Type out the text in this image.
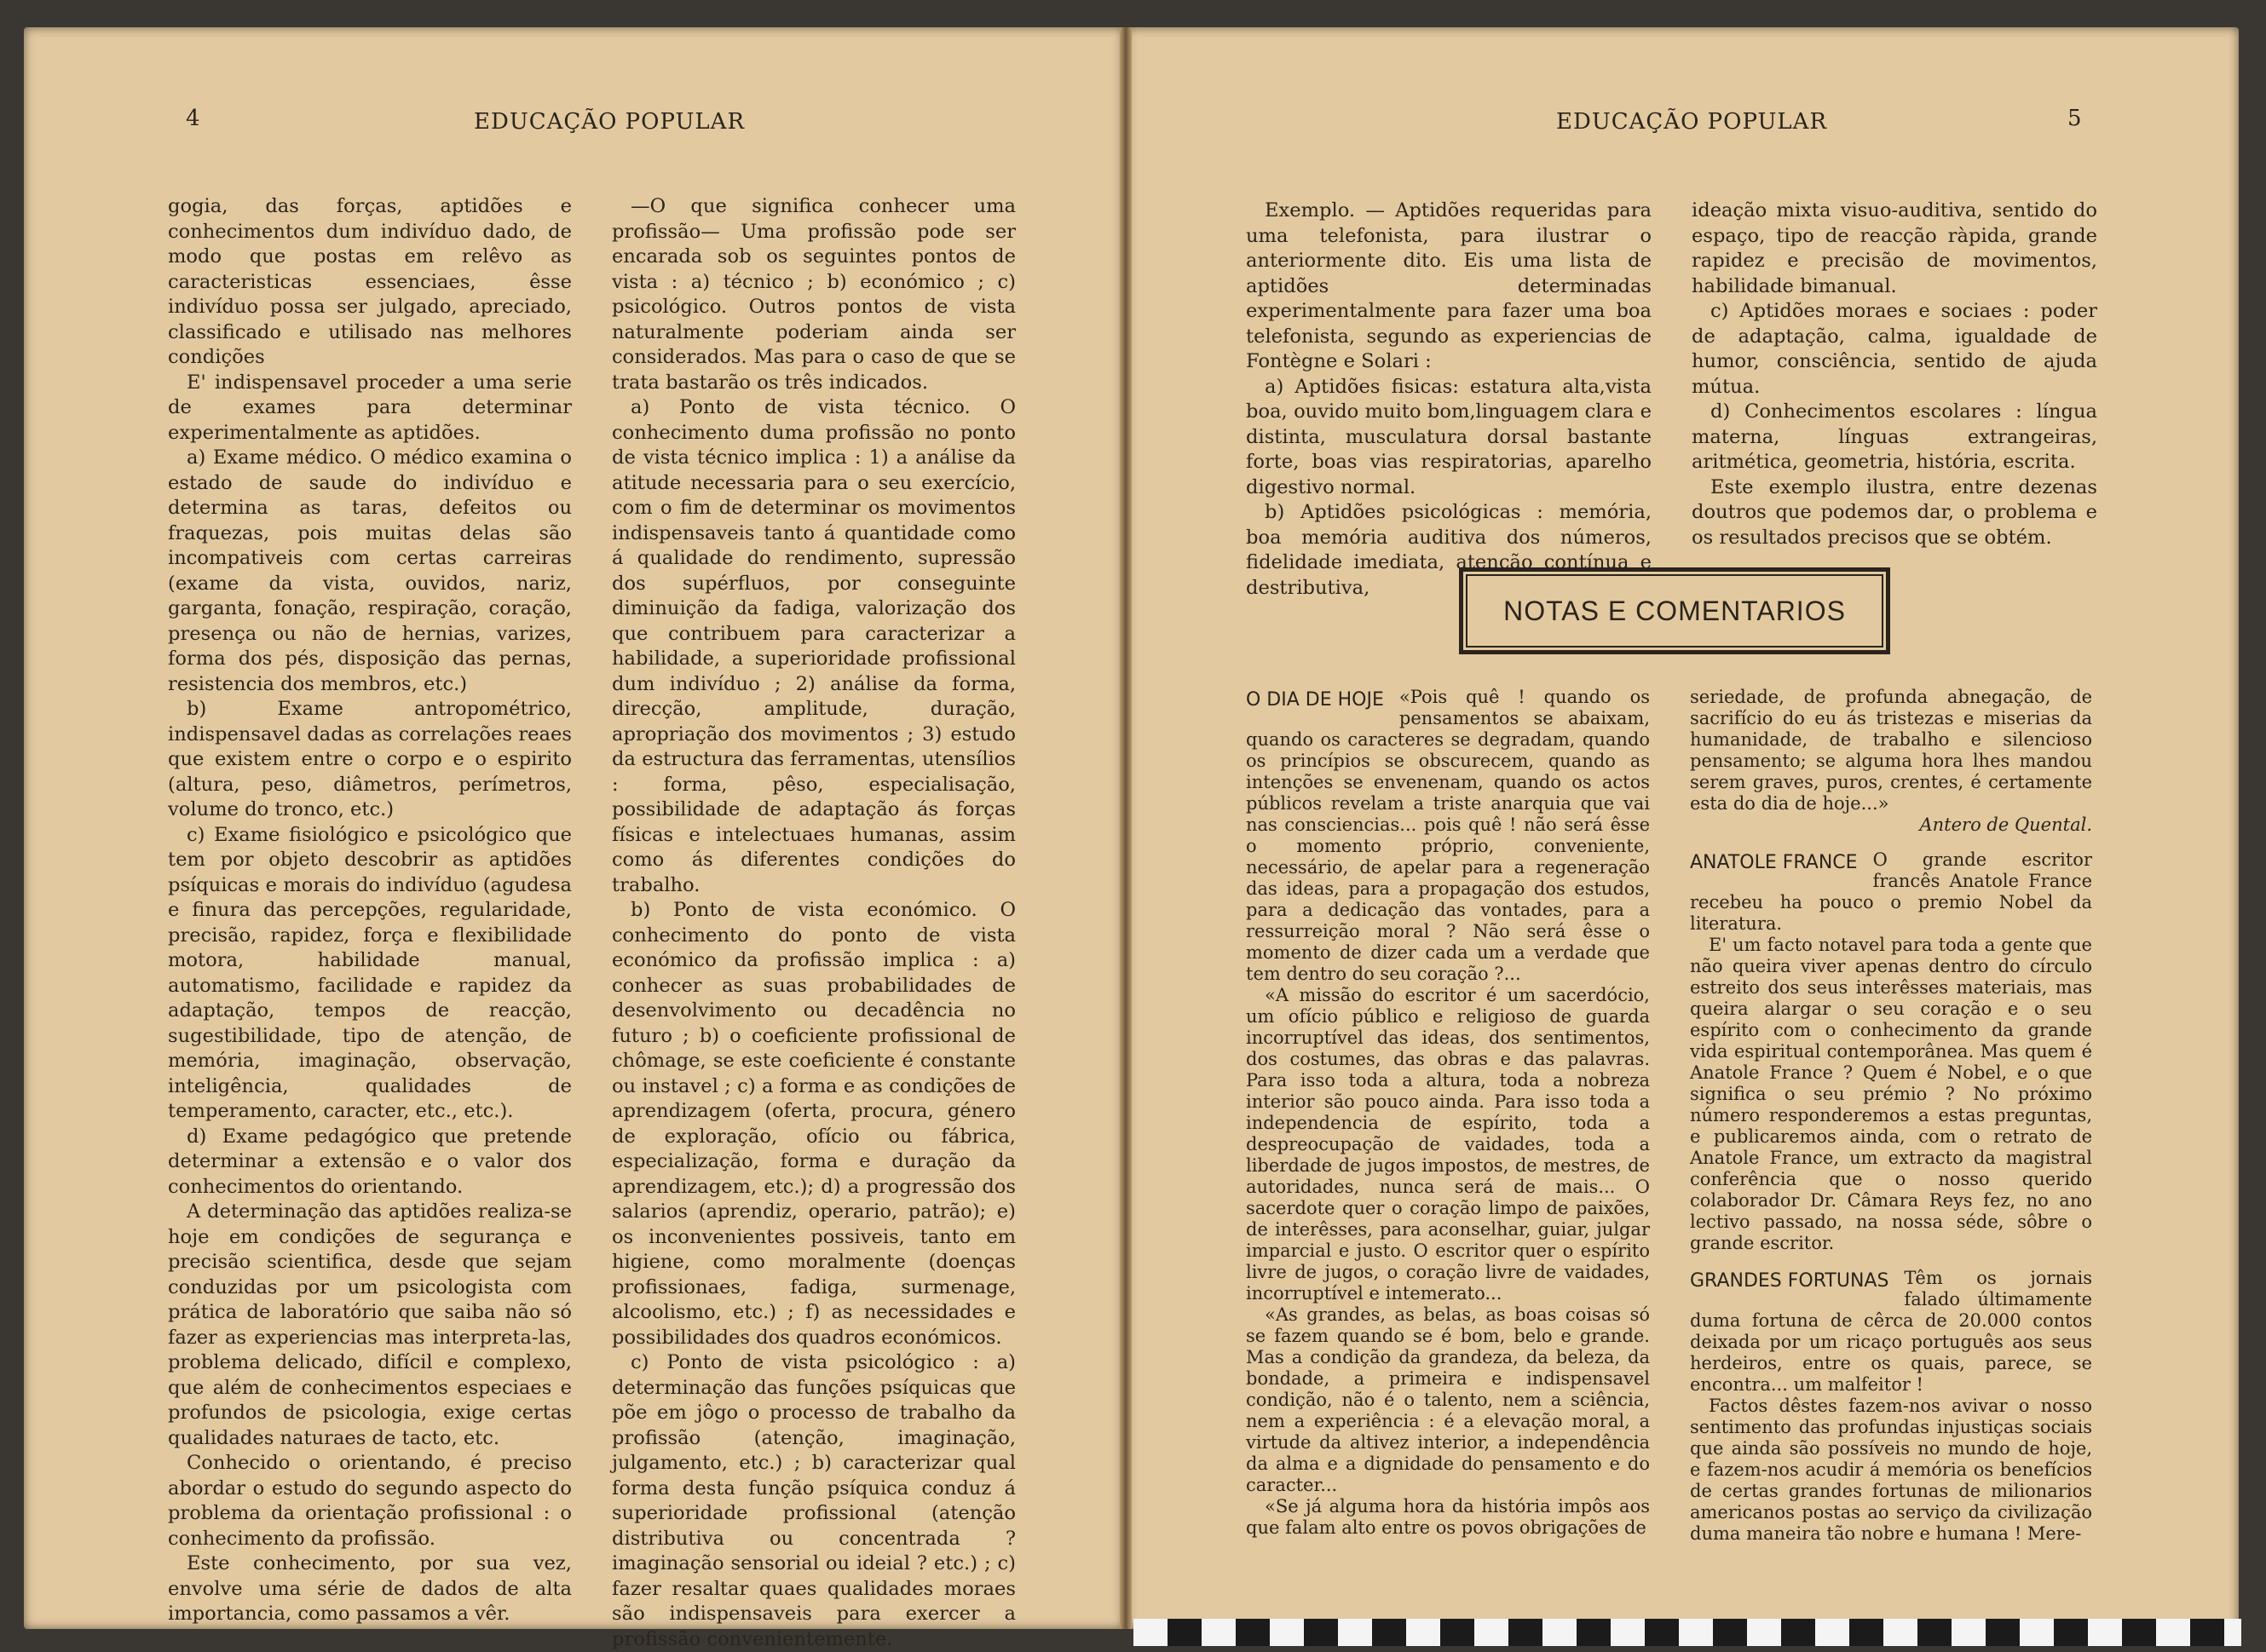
4	EDUCAÇÃO POPULAR

gogia, das forças, aptidões e conhecimentos dum indivíduo dado, de modo que postas em relêvo as caracteristicas essenciaes, êsse indivíduo possa ser julgado, apreciado, classificado e utilisado nas melhores condições

E' indispensavel proceder a uma serie de exames para determinar experimentalmente as aptidões.

a) Exame médico. O médico examina o estado de saude do indivíduo e determina as taras, defeitos ou fraquezas, pois muitas delas são incompativeis com certas carreiras (exame da vista, ouvidos, nariz, garganta, fonação, respiração, coração, presença ou não de hernias, varizes, forma dos pés, disposição das pernas, resistencia dos membros, etc.)

b) Exame antropométrico, indispensavel dadas as correlações reaes que existem entre o corpo e o espirito (altura, peso, diâmetros, perímetros, volume do tronco, etc.)

c) Exame fisiológico e psicológico que tem por objeto descobrir as aptidões psíquicas e morais do indivíduo (agudesa e finura das percepções, regularidade, precisão, rapidez, força e flexibilidade motora, habilidade manual, automatismo, facilidade e rapidez da adaptação, tempos de reacção, sugestibilidade, tipo de atenção, de memória, imaginação, observação, inteligência, qualidades de temperamento, caracter, etc., etc.).

d) Exame pedagógico que pretende determinar a extensão e o valor dos conhecimentos do orientando.

A determinação das aptidões realiza-se hoje em condições de segurança e precisão scientifica, desde que sejam conduzidas por um psicologista com prática de laboratório que saiba não só fazer as experiencias mas interpreta-las, problema delicado, difícil e complexo, que além de conhecimentos especiaes e profundos de psicologia, exige certas qualidades naturaes de tacto, etc.

Conhecido o orientando, é preciso abordar o estudo do segundo aspecto do problema da orientação profissional : o conhecimento da profissão.

Este conhecimento, por sua vez, envolve uma série de dados de alta importancia, como passamos a vêr.

—O que significa conhecer uma profissão— Uma profissão pode ser encarada sob os seguintes pontos de vista : a) técnico ; b) económico ; c) psicológico. Outros pontos de vista naturalmente poderiam ainda ser considerados. Mas para o caso de que se trata bastarão os três indicados.

a) Ponto de vista técnico. O conhecimento duma profissão no ponto de vista técnico implica : 1) a análise da atitude necessaria para o seu exercício, com o fim de determinar os movimentos indispensaveis tanto á quantidade como á qualidade do rendimento, supressão dos supérfluos, por conseguinte diminuição da fadiga, valorização dos que contribuem para caracterizar a habilidade, a superioridade profissional dum indivíduo ; 2) análise da forma, direcção, amplitude, duração, apropriação dos movimentos ; 3) estudo da estructura das ferramentas, utensílios : forma, pêso, especialisação, possibilidade de adaptação ás forças físicas e intelectuaes humanas, assim como ás diferentes condições do trabalho.

b) Ponto de vista económico. O conhecimento do ponto de vista económico da profissão implica : a) conhecer as suas probabilidades de desenvolvimento ou decadência no futuro ; b) o coeficiente profissional de chômage, se este coeficiente é constante ou instavel ; c) a forma e as condições de aprendizagem (oferta, procura, género de exploração, ofício ou fábrica, especialização, forma e duração da aprendizagem, etc.); d) a progressão dos salarios (aprendiz, operario, patrão); e) os inconvenientes possiveis, tanto em higiene, como moralmente (doenças profissionaes, fadiga, surmenage, alcoolismo, etc.) ; f) as necessidades e possibilidades dos quadros económicos.

c) Ponto de vista psicológico : a) determinação das funções psíquicas que põe em jôgo o processo de trabalho da profissão (atenção, imaginação, julgamento, etc.) ; b) caracterizar qual forma desta função psíquica conduz á superioridade profissional (atenção distributiva ou concentrada ? imaginação sensorial ou ideial ? etc.) ; c) fazer resaltar quaes qualidades moraes são indispensaveis para exercer a profissão convenientemente.

EDUCAÇÃO POPULAR	5

Exemplo. — Aptidões requeridas para uma telefonista, para ilustrar o anteriormente dito. Eis uma lista de aptidões determinadas experimentalmente para fazer uma boa telefonista, segundo as experiencias de Fontègne e Solari :

a) Aptidões fisicas: estatura alta,vista boa, ouvido muito bom,linguagem clara e distinta, musculatura dorsal bastante forte, boas vias respiratorias, aparelho digestivo normal.

b) Aptidões psicológicas : memória, boa memória auditiva dos números, fidelidade imediata, atenção contínua e destributiva,

ideação mixta visuo-auditiva, sentido do espaço, tipo de reacção ràpida, grande rapidez e precisão de movimentos, habilidade bimanual.

c) Aptidões moraes e sociaes : poder de adaptação, calma, igualdade de humor, consciência, sentido de ajuda mútua.

d) Conhecimentos escolares : língua materna, línguas extrangeiras, aritmética, geometria, história, escrita.

Este exemplo ilustra, entre dezenas doutros que podemos dar, o problema e os resultados precisos que se obtém.

NOTAS E COMENTARIOS
O DIA DE HOJE «Pois quê ! quando os pensamentos se abaixam, quando os caracteres se degradam, quando os princípios se obscurecem, quando as intenções se envenenam, quando os actos públicos revelam a triste anarquia que vai nas consciencias... pois quê ! não será êsse o momento próprio, conveniente, necessário, de apelar para a regeneração das ideas, para a propagação dos estudos, para a dedicação das vontades, para a ressurreição moral ? Não será êsse o momento de dizer cada um a verdade que tem dentro do seu coração ?...

«A missão do escritor é um sacerdócio, um ofício público e religioso de guarda incorruptível das ideas, dos sentimentos, dos costumes, das obras e das palavras. Para isso toda a altura, toda a nobreza interior são pouco ainda. Para isso toda a independencia de espírito, toda a despreocupação de vaidades, toda a liberdade de jugos impostos, de mestres, de autoridades, nunca será de mais... O sacerdote quer o coração limpo de paixões, de interêsses, para aconselhar, guiar, julgar imparcial e justo. O escritor quer o espírito livre de jugos, o coração livre de vaidades, incorruptível e intemerato...

«As grandes, as belas, as boas coisas só se fazem quando se é bom, belo e grande. Mas a condição da grandeza, da beleza, da bondade, a primeira e indispensavel condição, não é o talento, nem a sciência, nem a experiência : é a elevação moral, a virtude da altivez interior, a independência da alma e a dignidade do pensamento e do caracter...

«Se já alguma hora da história impôs aos que falam alto entre os povos obrigações de

seriedade, de profunda abnegação, de sacrifício do eu ás tristezas e miserias da humanidade, de trabalho e silencioso pensamento; se alguma hora lhes mandou serem graves, puros, crentes, é certamente esta do dia de hoje...»

Antero de Quental.

ANATOLE FRANCE O grande escritor francês Anatole France recebeu ha pouco o premio Nobel da literatura.

E' um facto notavel para toda a gente que não queira viver apenas dentro do círculo estreito dos seus interêsses materiais, mas queira alargar o seu coração e o seu espírito com o conhecimento da grande vida espiritual contemporânea. Mas quem é Anatole France ? Quem é Nobel, e o que significa o seu prémio ? No próximo número responderemos a estas preguntas, e publicaremos ainda, com o retrato de Anatole France, um extracto da magistral conferência que o nosso querido colaborador Dr. Câmara Reys fez, no ano lectivo passado, na nossa séde, sôbre o grande escritor.

GRANDES FORTUNAS Têm os jornais falado últimamente duma fortuna de cêrca de 20.000 contos deixada por um ricaço português aos seus herdeiros, entre os quais, parece, se encontra... um malfeitor !

Factos dêstes fazem-nos avivar o nosso sentimento das profundas injustiças sociais que ainda são possíveis no mundo de hoje, e fazem-nos acudir á memória os benefícios de certas grandes fortunas de milionarios americanos postas ao serviço da civilização duma maneira tão nobre e humana ! Mere-
